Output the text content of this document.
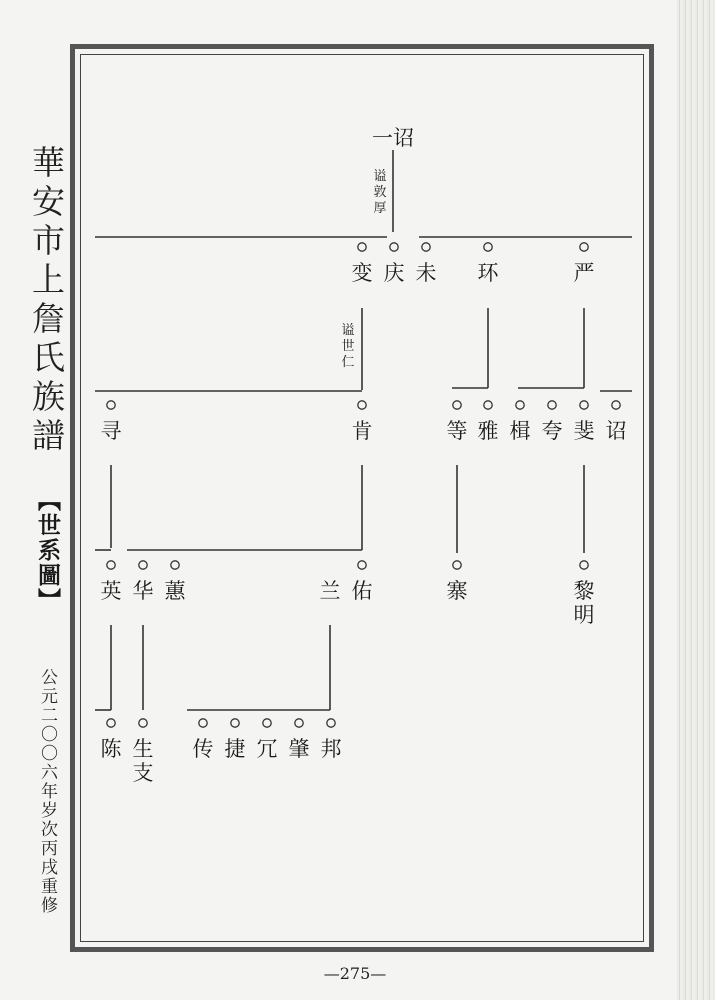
華安市上詹氏族譜
【世系圖】
公元二〇〇六年岁次丙戌重修
一诏
谥
敦
厚
变 庆 未 环	严
谥
世
仁
寻	肯	等 雅 楫 夸 斐 诏
英 华 蕙	兰 佑	寨	黎
明
陈 生
支
传 捷 冗 肇 邦
—275—
